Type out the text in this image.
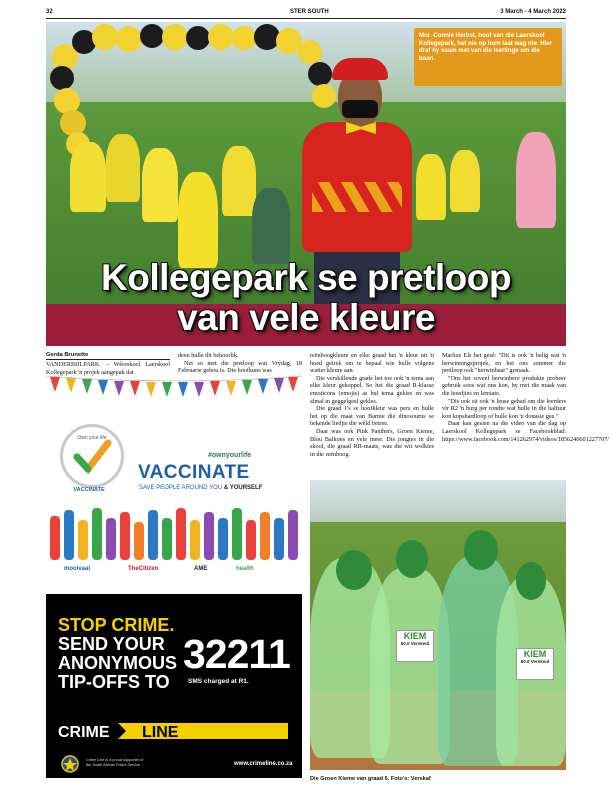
32	STER SOUTH	3 March - 4 March 2022
Mnr. Connie Herbst, hoof van die Laerskool Kollegepark, het nie op hom laat wag nie. Hier draf hy saam met van die leerlinge om die baan.
Kollegepark se pretloop
van vele kleure
Gerda Brunette

VANDERBIJLPARK. – Wêreskool Laerskool Kollegepark 'n projek aangepak dat

deen hulle dit behoorlik.

Net so met die pretloop wat Vrydag, 18 Februarie gehou is. Die hoofkuns was

reënboogkleure en elke graad het 'n kleur uit 'n hoed getrek om te bepaal wie hulle volgens watter kleure aan.

Die verskillende grade het toe ook 'n tema aan elke kleur gekoppel. So het die graad R-klasse emoticons (emojis) as hul tema gekies en was almal in geggelgeel gekles.

Die graad 1's se hoofkleur was pers en hulle het op die maat van Barnie die dinosourus se bekende liedjie die wêld betree.

Daar was ook Pink Panthers, Groen Kieme, Blou Balkons en vele meer. Die jongtes in die skool, die graad RR-maats, was die wit wolkies in die reënboog.

Marlize Els het gesê: "Dit is ook 'n belig wat 'n herwinningsprojek, en het ons sommer die pretloop ook "herwinbaar" gemaak.

"Ons het soveel herwinbere produkte probeer gebruik soos wat ons kon, by met die maak van die hoedjies en lemiate.

"Dis ook sit ook 'n leuse gehad om die leerders vir R2 'n burg per rondte wat hulle in die halfuur kon kopshardloop of hulle kon 'n donasie gee."

Daar kan gesien na die video van die dag op Laerskool Kollegepark se Facebookblad: https://www.facebook.com/141262974/videos/1856240601227707/

Own your life
VACCINATE
#ownyourlife
VACCINATE
SAVE PEOPLE AROUND YOU & YOURSELF
mooivaal	TheCitizen	AME	health
STOP CRIME.
SEND YOUR
ANONYMOUS
TIP-OFFS TO
32211
SMS charged at R1.
CRIME LINE
Crime Line is a proud supporter of the South African Police Service	www.crimeline.co.za
KIEM
60.0 Verskeul
KIEM
60.0 Verskeul
Die Groen Kieme van graad 6. Foto's: Verskaf
